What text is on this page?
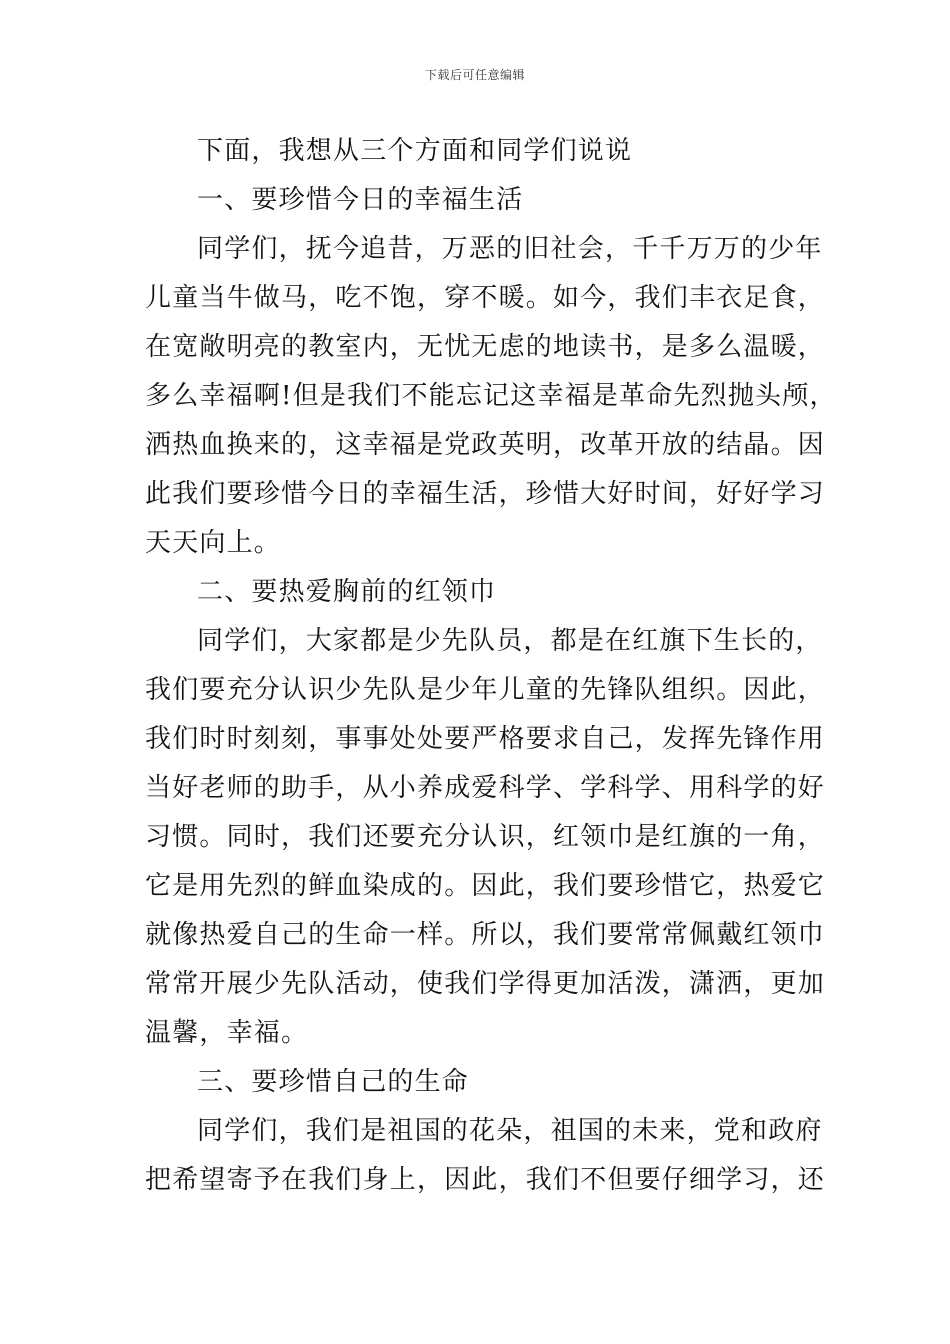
下载后可任意编辑
下面，我想从三个方面和同学们说说
一、要珍惜今日的幸福生活
同学们，抚今追昔，万恶的旧社会，千千万万的少年
儿童当牛做马，吃不饱，穿不暖。如今，我们丰衣足食，
在宽敞明亮的教室内，无忧无虑的地读书，是多么温暖，
多么幸福啊!但是我们不能忘记这幸福是革命先烈抛头颅，
洒热血换来的，这幸福是党政英明，改革开放的结晶。因
此我们要珍惜今日的幸福生活，珍惜大好时间，好好学习
天天向上。
二、要热爱胸前的红领巾
同学们，大家都是少先队员，都是在红旗下生长的，
我们要充分认识少先队是少年儿童的先锋队组织。因此，
我们时时刻刻，事事处处要严格要求自己，发挥先锋作用
当好老师的助手，从小养成爱科学、学科学、用科学的好
习惯。同时，我们还要充分认识，红领巾是红旗的一角，
它是用先烈的鲜血染成的。因此，我们要珍惜它，热爱它
就像热爱自己的生命一样。所以，我们要常常佩戴红领巾
常常开展少先队活动，使我们学得更加活泼，潇洒，更加
温馨，幸福。
三、要珍惜自己的生命
同学们，我们是祖国的花朵，祖国的未来，党和政府
把希望寄予在我们身上，因此，我们不但要仔细学习，还
